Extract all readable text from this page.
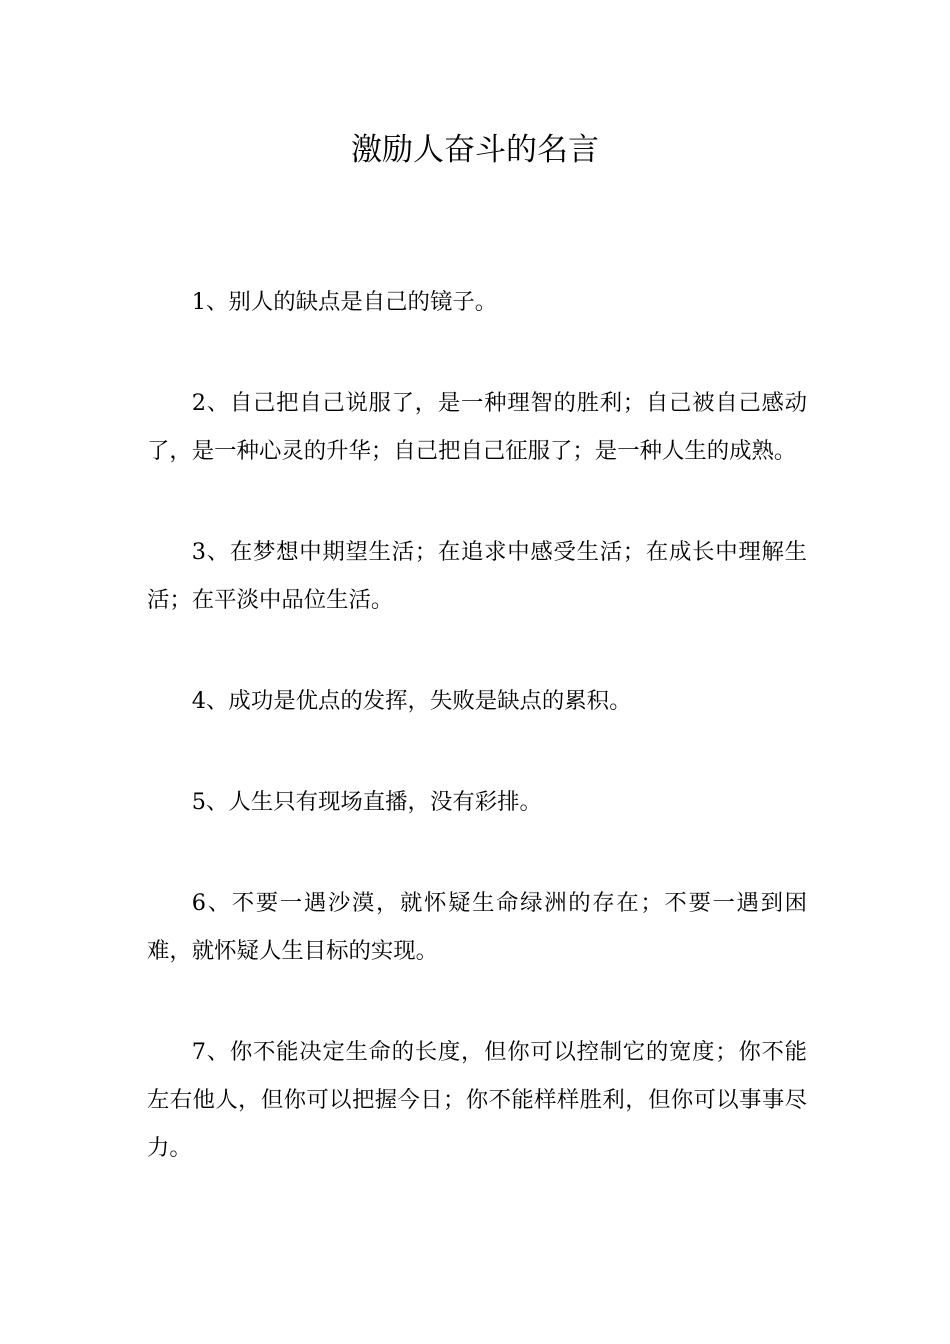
激励人奋斗的名言

1、别人的缺点是自己的镜子。

2、自己把自己说服了，是一种理智的胜利；自己被自己感动了，是一种心灵的升华；自己把自己征服了；是一种人生的成熟。

3、在梦想中期望生活；在追求中感受生活；在成长中理解生活；在平淡中品位生活。

4、成功是优点的发挥，失败是缺点的累积。

5、人生只有现场直播，没有彩排。

6、不要一遇沙漠，就怀疑生命绿洲的存在；不要一遇到困难，就怀疑人生目标的实现。

7、你不能决定生命的长度，但你可以控制它的宽度；你不能左右他人，但你可以把握今日；你不能样样胜利，但你可以事事尽力。
